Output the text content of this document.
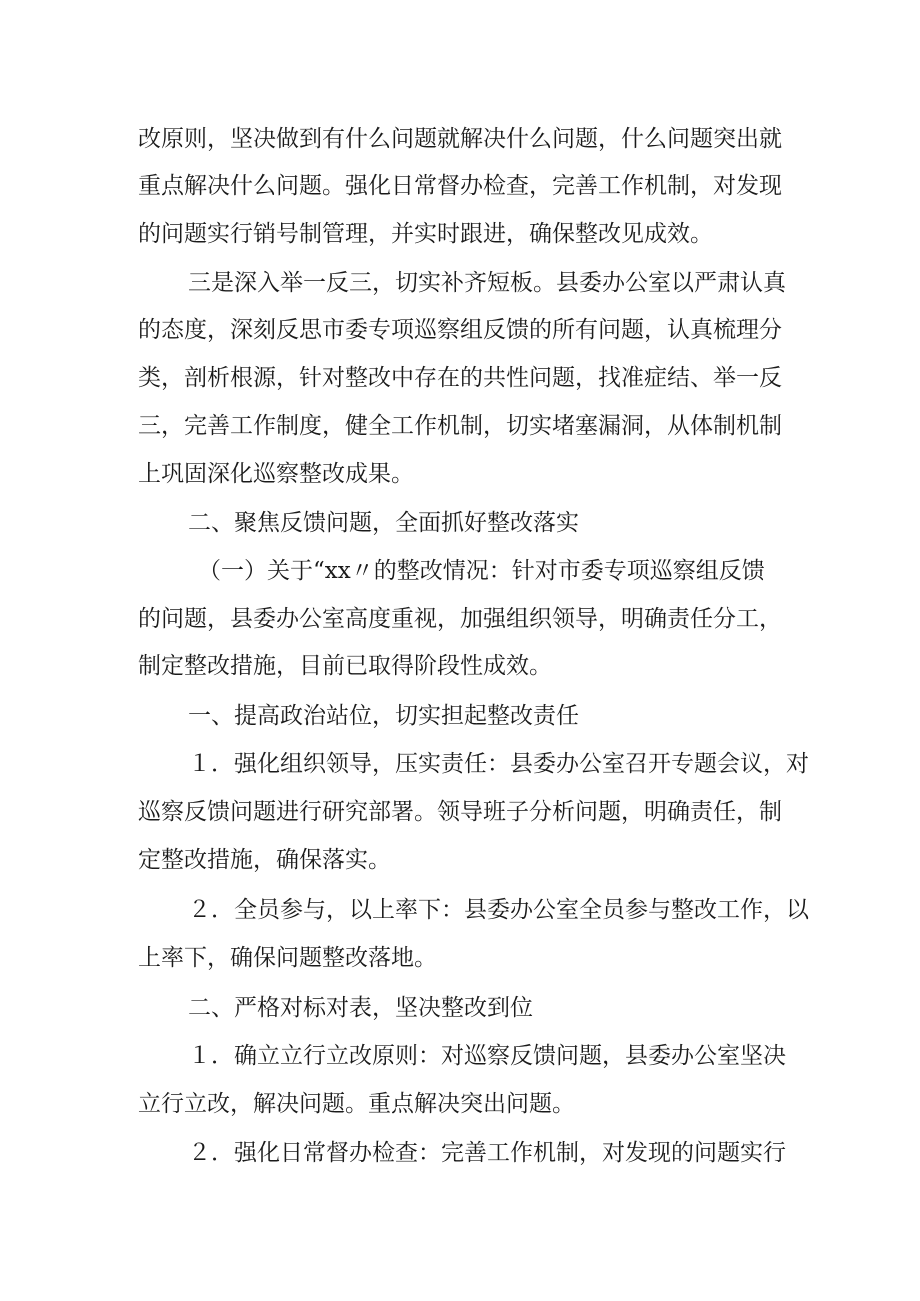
改原则，坚决做到有什么问题就解决什么问题，什么问题突出就

重点解决什么问题。强化日常督办检查，完善工作机制，对发现

的问题实行销号制管理，并实时跟进，确保整改见成效。

三是深入举一反三，切实补齐短板。县委办公室以严肃认真

的态度，深刻反思市委专项巡察组反馈的所有问题，认真梳理分

类，剖析根源，针对整改中存在的共性问题，找准症结、举一反

三，完善工作制度，健全工作机制，切实堵塞漏洞，从体制机制

上巩固深化巡察整改成果。

二、聚焦反馈问题，全面抓好整改落实

（一）关于“xx〃的整改情况：针对市委专项巡察组反馈

的问题，县委办公室高度重视，加强组织领导，明确责任分工，

制定整改措施，目前已取得阶段性成效。

一、提高政治站位，切实担起整改责任

１．强化组织领导，压实责任：县委办公室召开专题会议，对

巡察反馈问题进行研究部署。领导班子分析问题，明确责任，制

定整改措施，确保落实。

２．全员参与，以上率下：县委办公室全员参与整改工作，以

上率下，确保问题整改落地。

二、严格对标对表，坚决整改到位

１．确立立行立改原则：对巡察反馈问题，县委办公室坚决

立行立改，解决问题。重点解决突出问题。

２．强化日常督办检查：完善工作机制，对发现的问题实行
